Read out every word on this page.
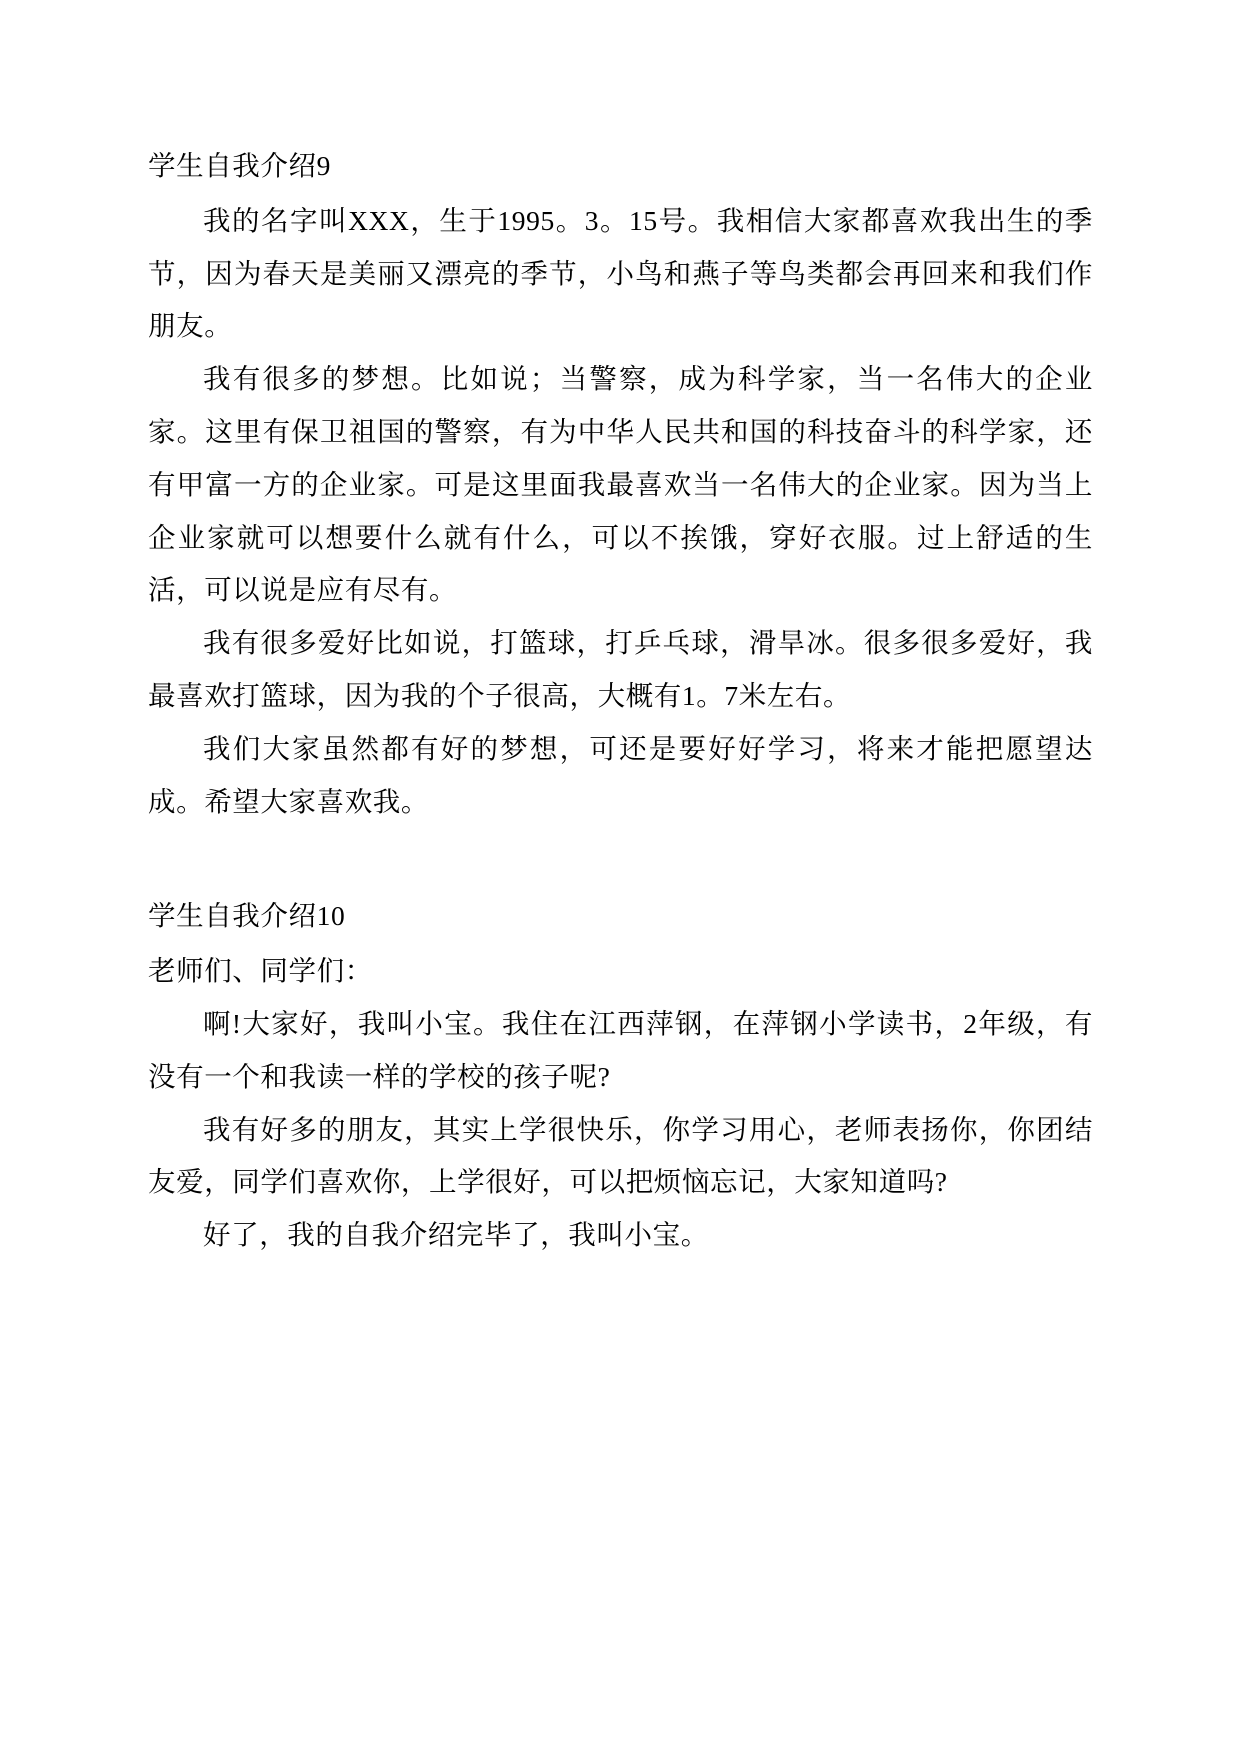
学生自我介绍9

我的名字叫XXX，生于1995。3。15号。我相信大家都喜欢我出生的季节，因为春天是美丽又漂亮的季节，小鸟和燕子等鸟类都会再回来和我们作朋友。

我有很多的梦想。比如说；当警察，成为科学家，当一名伟大的企业家。这里有保卫祖国的警察，有为中华人民共和国的科技奋斗的科学家，还有甲富一方的企业家。可是这里面我最喜欢当一名伟大的企业家。因为当上企业家就可以想要什么就有什么，可以不挨饿，穿好衣服。过上舒适的生活，可以说是应有尽有。

我有很多爱好比如说，打篮球，打乒乓球，滑旱冰。很多很多爱好，我最喜欢打篮球，因为我的个子很高，大概有1。7米左右。

我们大家虽然都有好的梦想，可还是要好好学习，将来才能把愿望达成。希望大家喜欢我。

学生自我介绍10

老师们、同学们：

啊!大家好，我叫小宝。我住在江西萍钢，在萍钢小学读书，2年级，有没有一个和我读一样的学校的孩子呢?

我有好多的朋友，其实上学很快乐，你学习用心，老师表扬你，你团结友爱，同学们喜欢你，上学很好，可以把烦恼忘记，大家知道吗?

好了，我的自我介绍完毕了，我叫小宝。
